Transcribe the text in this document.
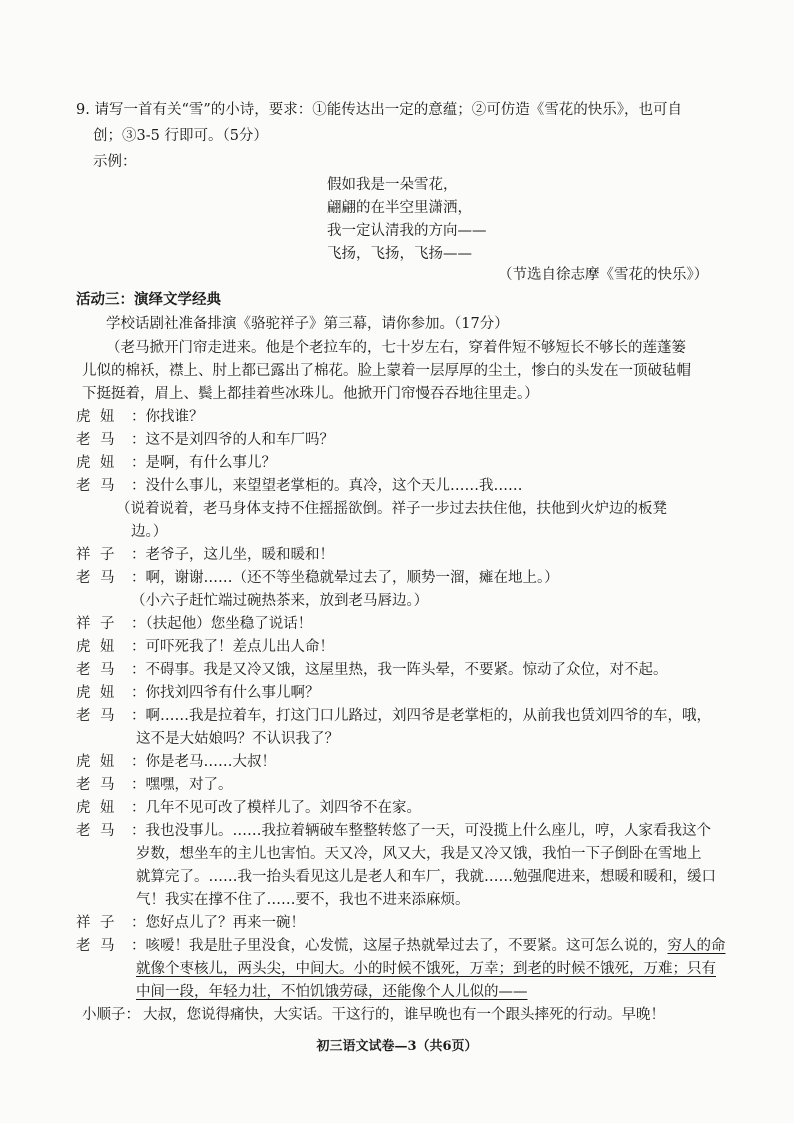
9. 请写一首有关“雪”的小诗，要求：①能传达出一定的意蕴；②可仿造《雪花的快乐》，也可自
创；③3-5 行即可。（5分）
示例：
假如我是一朵雪花，
翩翩的在半空里潇洒，
我一定认清我的方向——
飞扬，飞扬，飞扬——
（节选自徐志摩《雪花的快乐》）
活动三：演绎文学经典
学校话剧社准备排演《骆驼祥子》第三幕，请你参加。（17分）
（老马掀开门帘走进来。他是个老拉车的，七十岁左右，穿着件短不够短长不够长的莲蓬篓
儿似的棉袄，襟上、肘上都已露出了棉花。脸上蒙着一层厚厚的尘土，惨白的头发在一顶破毡帽
下挺挺着，眉上、鬓上都挂着些冰珠儿。他掀开门帘慢吞吞地往里走。）
虎 妞	：你找谁？
老 马	：这不是刘四爷的人和车厂吗？
虎 妞	：是啊，有什么事儿？
老 马	：没什么事儿，来望望老掌柜的。真冷，这个天儿……我……
（说着说着，老马身体支持不住摇摇欲倒。祥子一步过去扶住他，扶他到火炉边的板凳
边。）
祥 子	：老爷子，这儿坐，暖和暖和！
老 马	：啊，谢谢……（还不等坐稳就晕过去了，顺势一溜，瘫在地上。）
（小六子赶忙端过碗热茶来，放到老马唇边。）
祥 子	：（扶起他）您坐稳了说话！
虎 妞	：可吓死我了！差点儿出人命！
老 马	：不碍事。我是又冷又饿，这屋里热，我一阵头晕，不要紧。惊动了众位，对不起。
虎 妞	：你找刘四爷有什么事儿啊？
老 马	：啊……我是拉着车，打这门口儿路过，刘四爷是老掌柜的，从前我也赁刘四爷的车，哦，
这不是大姑娘吗？不认识我了？
虎 妞	：你是老马……大叔！
老 马	：嘿嘿，对了。
虎 妞	：几年不见可改了模样儿了。刘四爷不在家。
老 马	：我也没事儿。……我拉着辆破车整整转悠了一天，可没揽上什么座儿，哼，人家看我这个
岁数，想坐车的主儿也害怕。天又冷，风又大，我是又冷又饿，我怕一下子倒卧在雪地上
就算完了。……我一抬头看见这儿是老人和车厂，我就……勉强爬进来，想暖和暖和，缓口
气！我实在撑不住了……要不，我也不进来添麻烦。
祥 子	：您好点儿了？再来一碗！
老 马	：咳嗳！我是肚子里没食，心发慌，这屋子热就晕过去了，不要紧。这可怎么说的，穷人的命
就像个枣核儿，两头尖，中间大。小的时候不饿死，万幸；到老的时候不饿死，万难；只有
中间一段，年轻力壮，不怕饥饿劳碌，还能像个人儿似的——
小顺子： 大叔，您说得痛快，大实话。干这行的，谁早晚也有一个跟头摔死的行动。早晚！
初三语文试卷—3（共6页）
